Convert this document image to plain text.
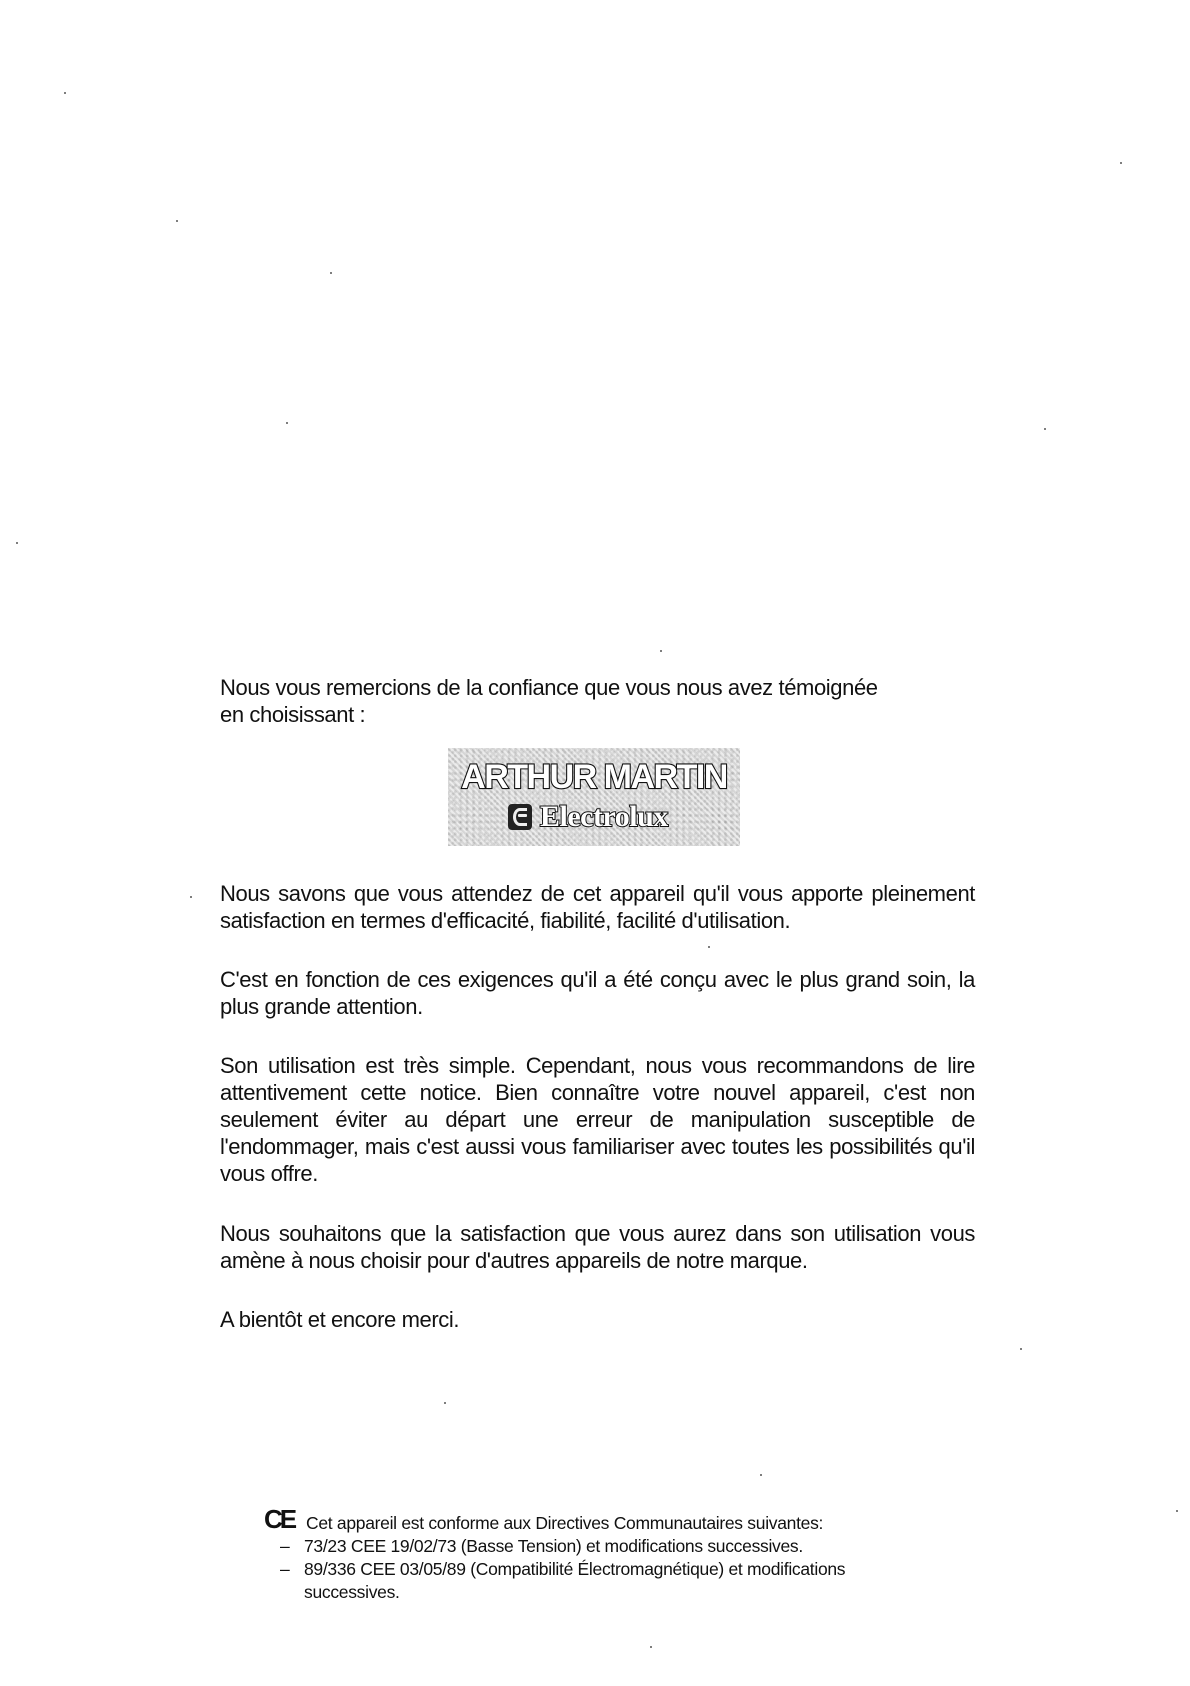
Nous vous remercions de la confiance que vous nous avez témoignée
en choisissant :

ARTHUR MARTIN
Electrolux

Nous savons que vous attendez de cet appareil qu'il vous apporte pleinement satisfaction en termes d'efficacité, fiabilité, facilité d'utilisation.

C'est en fonction de ces exigences qu'il a été conçu avec le plus grand soin, la plus grande attention.

Son utilisation est très simple. Cependant, nous vous recommandons de lire attentivement cette notice. Bien connaître votre nouvel appareil, c'est non seulement éviter au départ une erreur de manipulation susceptible de l'endommager, mais c'est aussi vous familiariser avec toutes les possibilités qu'il vous offre.

Nous souhaitons que la satisfaction que vous aurez dans son utilisation vous amène à nous choisir pour d'autres appareils de notre marque.

A bientôt et encore merci.

CE Cet appareil est conforme aux Directives Communautaires suivantes:
– 73/23 CEE 19/02/73 (Basse Tension) et modifications successives.
– 89/336 CEE 03/05/89 (Compatibilité Électromagnétique) et modifications successives.
